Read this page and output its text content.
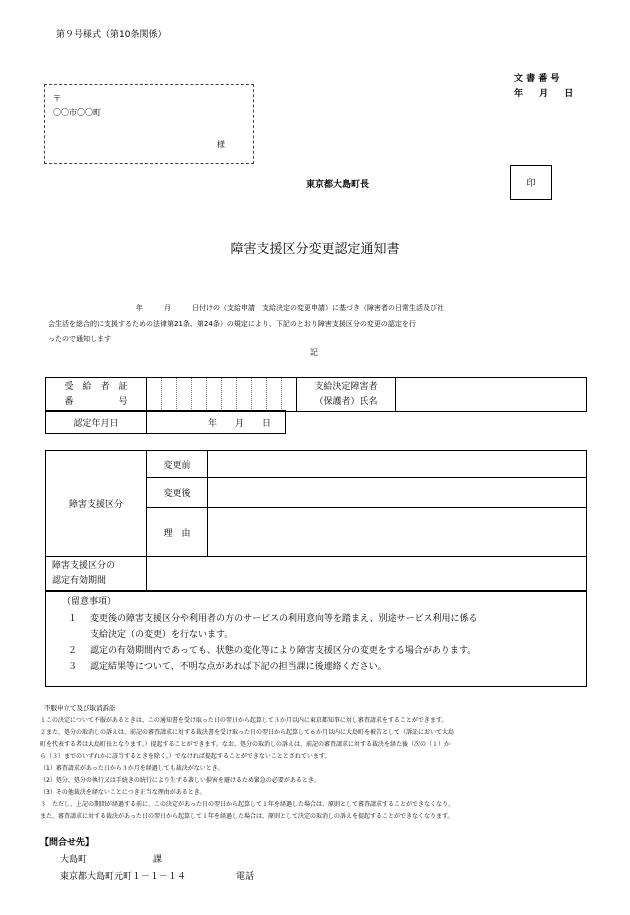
第９号様式（第10条関係）
文 書 番 号
年　 月　 日
〒
〇〇市〇〇町
様
東京都大島町長	印
障害支援区分変更認定通知書
年　　　月　　　日付けの（支給申請　支給決定の変更申請）に基づき（障害者の日常生活及び社
会生活を総合的に支援するための法律第21条、第24条）の規定により、下記のとおり障害支援区分の変更の認定を行
ったので通知します
記
受　給　者　証
番　　　　　号

支給決定障害者
（保護者）氏名

認定年月日	年　　月　　日
障害支援区分	変更前	
	変更後	
	理　由	

障害支援区分の
認定有効期間		

（留意事項）
１ 変更後の障害支援区分や利用者の方のサービスの利用意向等を踏まえ、別途サービス利用に係る
支給決定（の変更）を行ないます。
２ 認定の有効期間内であっても、状態の変化等により障害支援区分の変更をする場合があります。
３ 認定結果等について、不明な点があれば下記の担当課に後連絡ください。
不服申立て及び取消訴訟
１この決定について不服があるときは、この通知書を受け取った日の翌日から起算して３か月以内に東京都知事に対し審査請求をすることができます。
２また、処分の取消しの訴えは、前記の審査請求に対する裁決書を受け取った日の翌日から起算して６か月以内に大島町を被告として（訴訟において大島
町を代表する者は大島町長となります。）提起することができます。なお、処分の取消しの訴えは、前記の審査請求に対する裁決を経た後（次の（１）か
ら（３）までのいずれかに該当するときを除く。）でなければ提起することができないこととされています。
（1）審査請求があった日から３か月を経過しても裁決がないとき。
（2）処分、処分の執行又は手続きの続行により生ずる著しい損害を避けるため緊急の必要があるとき。
（3）その他裁決を経ないことにつき正当な理由があるとき。
３　ただし、上記の期間が経過する前に、この決定があった日の翌日から起算して１年を経過した場合は、原則として審査請求することができなくなり、
また、審査請求に対する裁決があった日の翌日から起算して１年を経過した場合は、原則として決定の取消しの訴えを提起することができなくなります。
【問合せ先】
大島町	課
東京都大島町元町１－１－１４	電話
